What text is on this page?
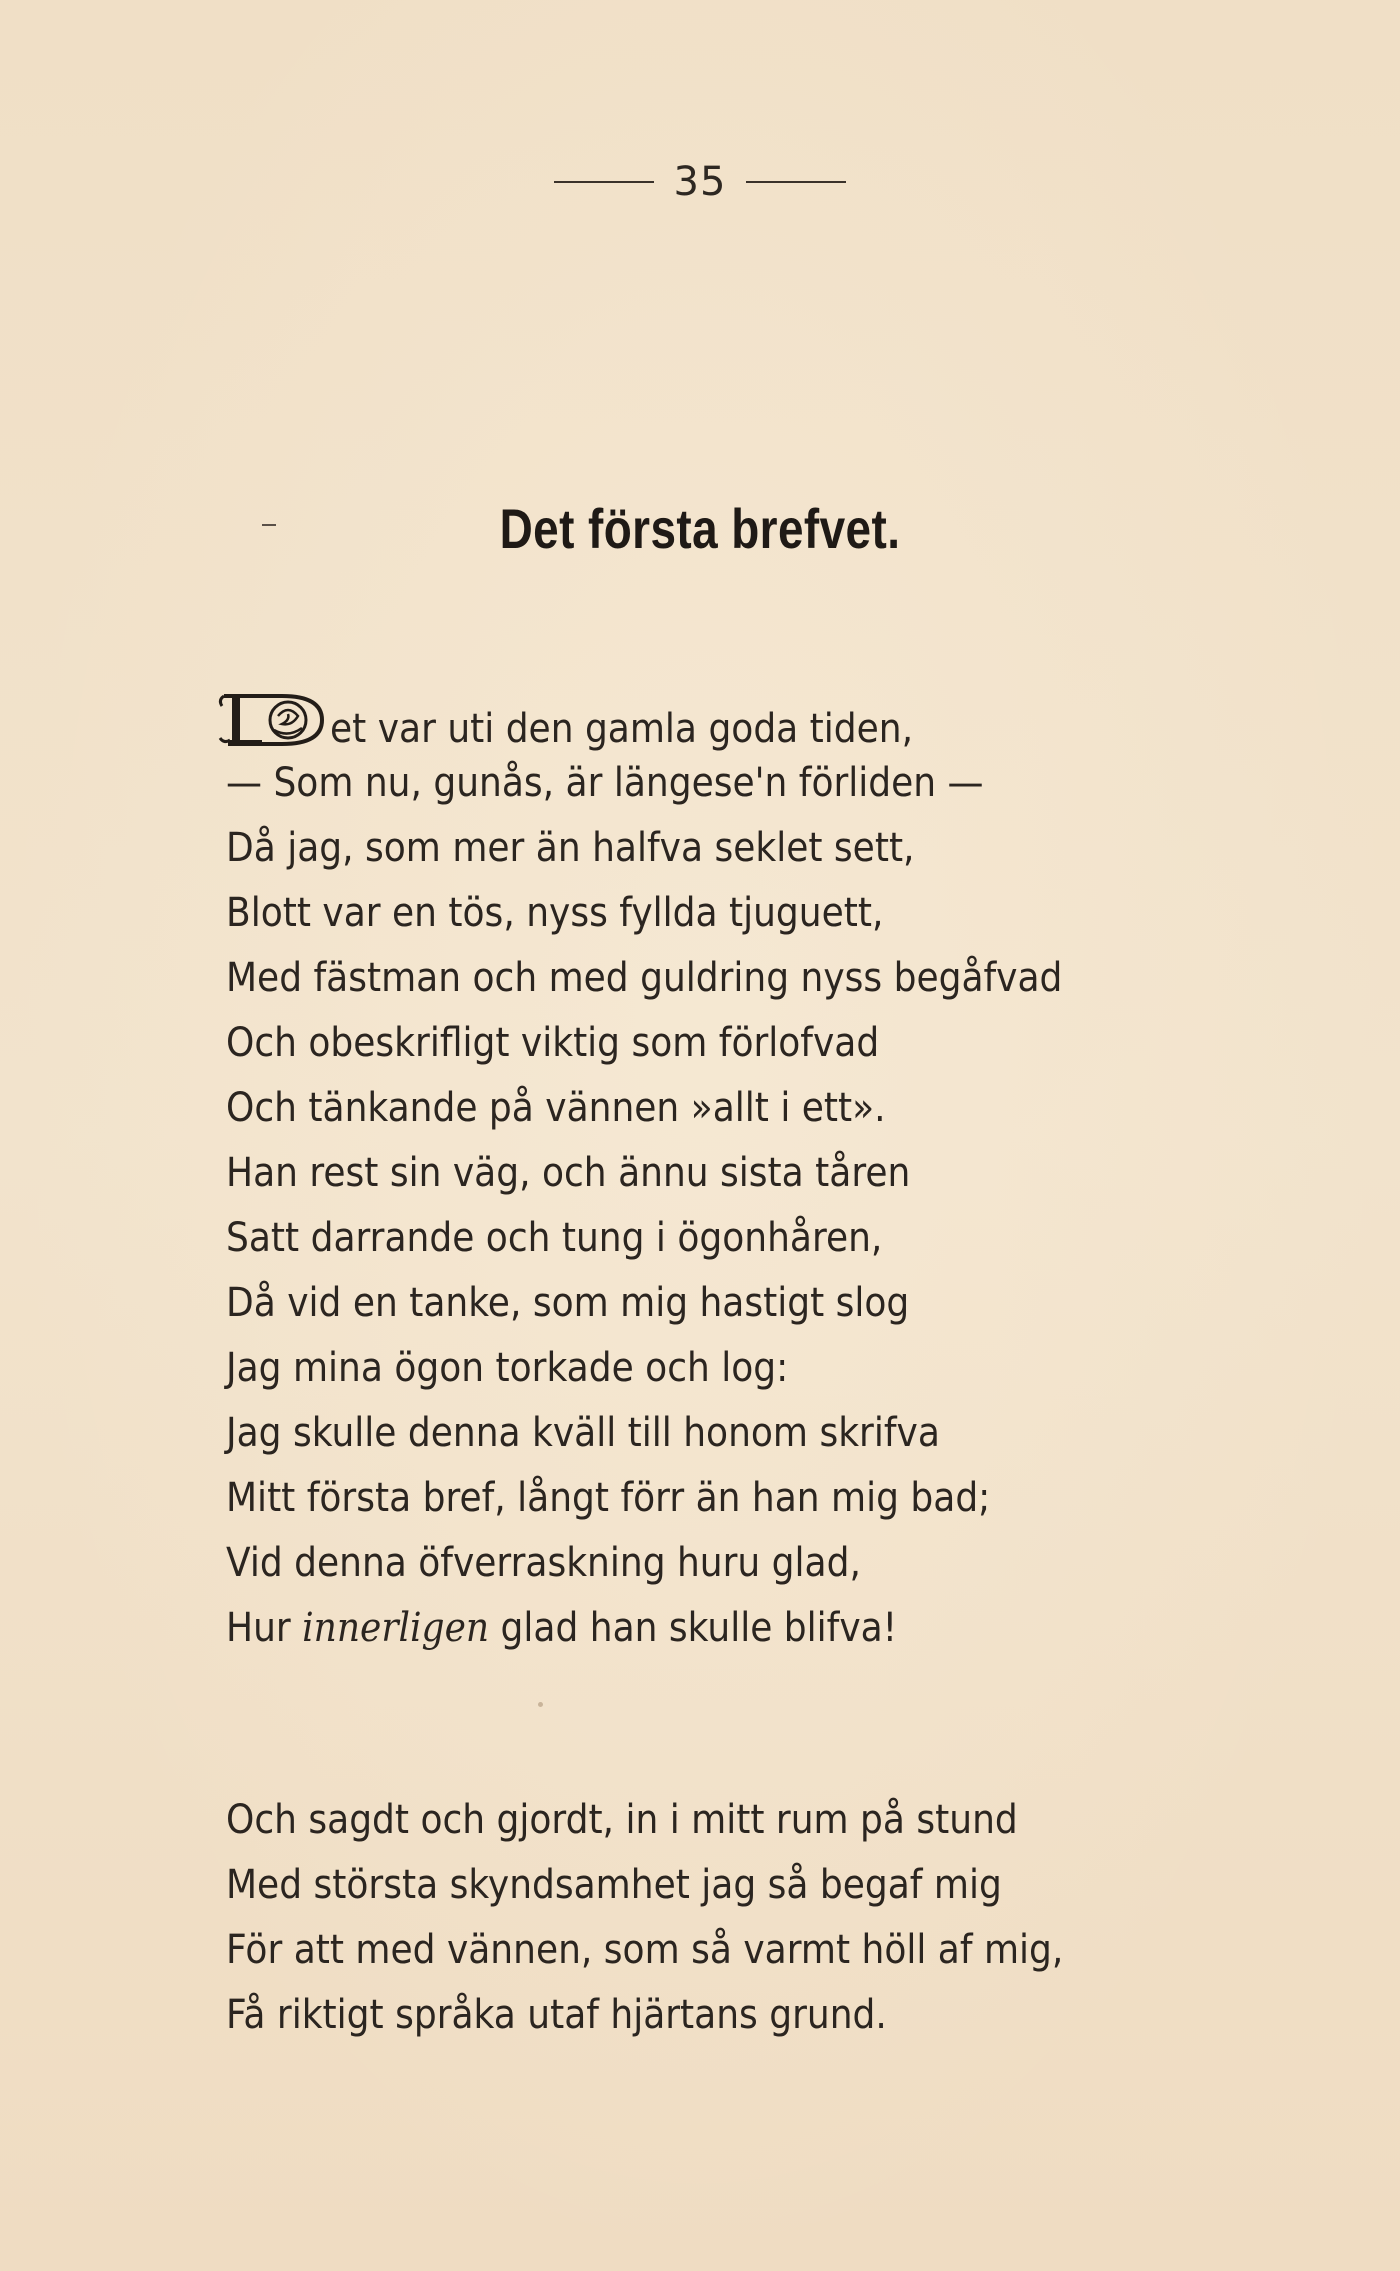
35
Det första brefvet.
et var uti den gamla goda tiden,
— Som nu, gunås, är längese'n förliden —
Då jag, som mer än halfva seklet sett,
Blott var en tös, nyss fyllda tjuguett,
Med fästman och med guldring nyss begåfvad
Och obeskrifligt viktig som förlofvad
Och tänkande på vännen »allt i ett».
Han rest sin väg, och ännu sista tåren
Satt darrande och tung i ögonhåren,
Då vid en tanke, som mig hastigt slog
Jag mina ögon torkade och log:
Jag skulle denna kväll till honom skrifva
Mitt första bref, långt förr än han mig bad;
Vid denna öfverraskning huru glad,
Hur innerligen glad han skulle blifva!
Och sagdt och gjordt, in i mitt rum på stund
Med största skyndsamhet jag så begaf mig
För att med vännen, som så varmt höll af mig,
Få riktigt språka utaf hjärtans grund.
